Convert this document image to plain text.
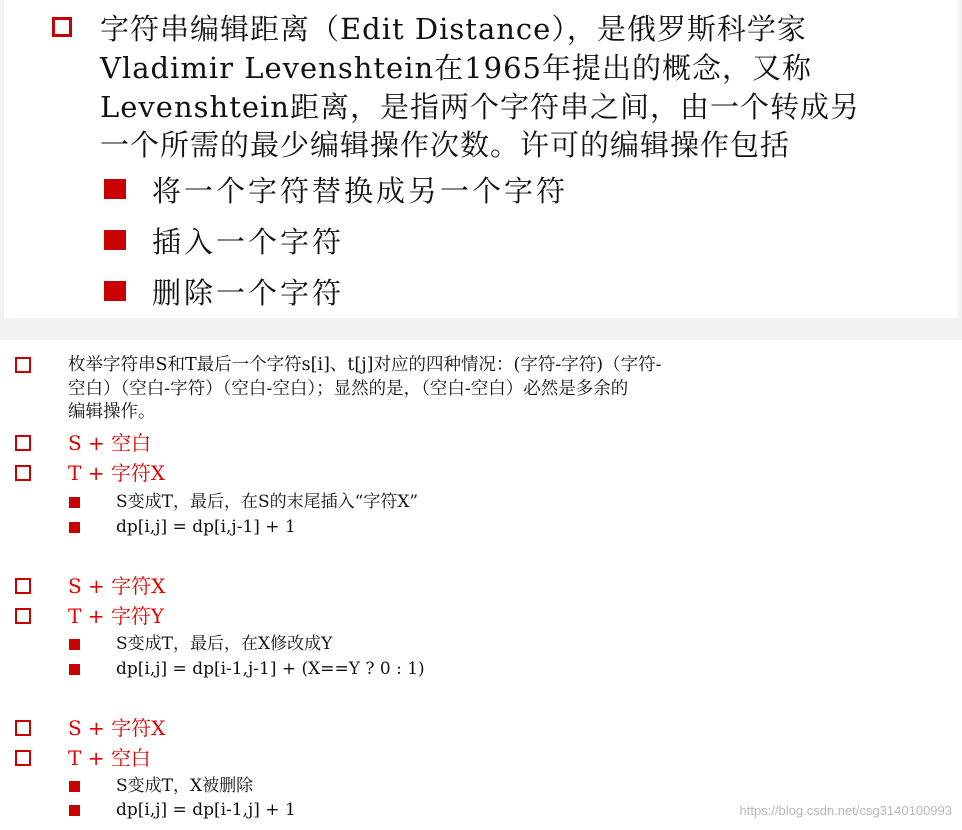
字符串编辑距离（Edit Distance），是俄罗斯科学家
Vladimir Levenshtein在1965年提出的概念，又称
Levenshtein距离，是指两个字符串之间，由一个转成另
一个所需的最少编辑操作次数。许可的编辑操作包括
将一个字符替换成另一个字符
插入一个字符
删除一个字符
枚举字符串S和T最后一个字符s[i]、t[j]对应的四种情况：(字符-字符)（字符-
空白）（空白-字符）（空白-空白）；显然的是，（空白-空白）必然是多余的
编辑操作。
S + 空白
T + 字符X
S变成T，最后，在S的末尾插入“字符X”
dp[i,j] = dp[i,j-1] + 1
S + 字符X
T + 字符Y
S变成T，最后，在X修改成Y
dp[i,j] = dp[i-1,j-1] + (X==Y ? 0 : 1)
S + 字符X
T + 空白
S变成T，X被删除
dp[i,j] = dp[i-1,j] + 1	https://blog.csdn.net/csg3140100993
